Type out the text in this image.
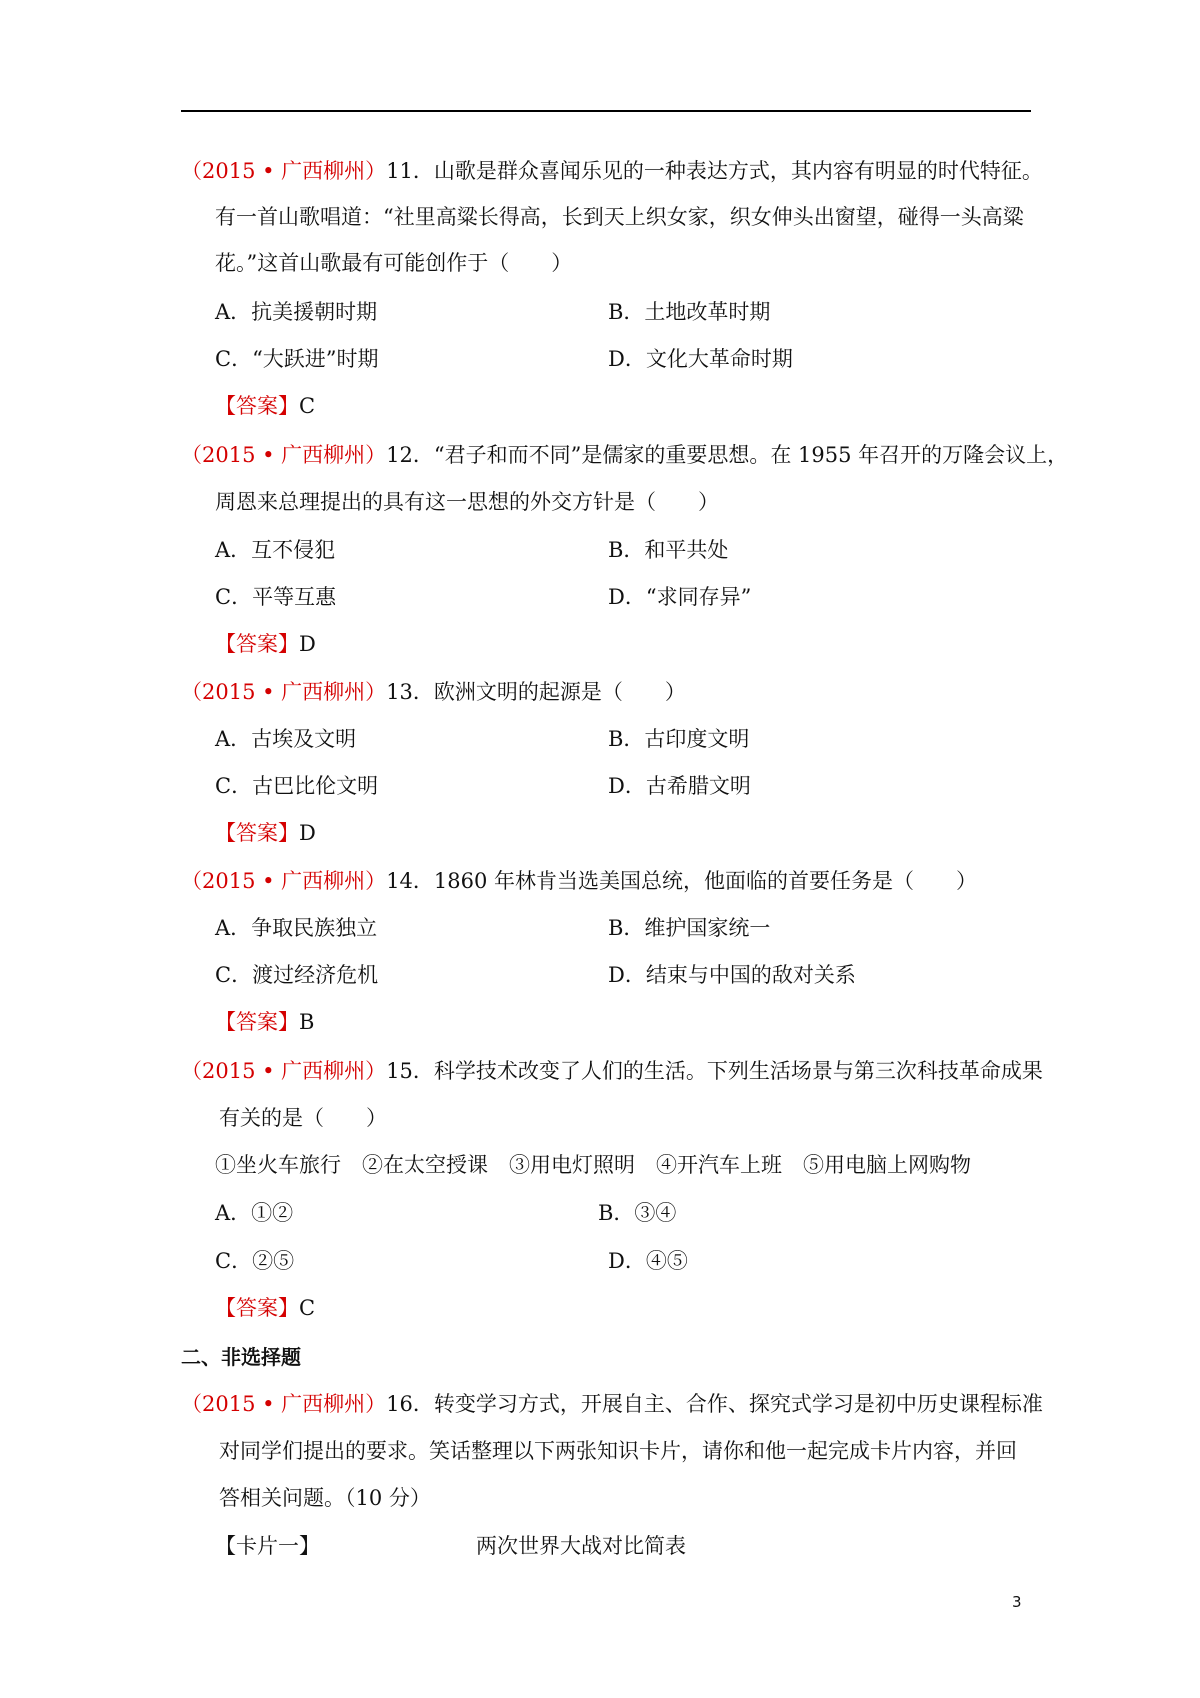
（2015 • 广西柳州）11．山歌是群众喜闻乐见的一种表达方式，其内容有明显的时代特征。
有一首山歌唱道：“社里高粱长得高，长到天上织女家，织女伸头出窗望，碰得一头高粱
花。”这首山歌最有可能创作于（　　）
A．抗美援朝时期	B．土地改革时期
C．“大跃进”时期	D．文化大革命时期
【答案】C
（2015 • 广西柳州）12．“君子和而不同”是儒家的重要思想。在 1955 年召开的万隆会议上，
周恩来总理提出的具有这一思想的外交方针是（　　）
A．互不侵犯	B．和平共处
C．平等互惠	D．“求同存异”
【答案】D
（2015 • 广西柳州）13．欧洲文明的起源是（　　）
A．古埃及文明	B．古印度文明
C．古巴比伦文明	D．古希腊文明
【答案】D
（2015 • 广西柳州）14．1860 年林肯当选美国总统，他面临的首要任务是（　　）
A．争取民族独立	B．维护国家统一
C．渡过经济危机	D．结束与中国的敌对关系
【答案】B
（2015 • 广西柳州）15．科学技术改变了人们的生活。下列生活场景与第三次科技革命成果
有关的是（　　）
①坐火车旅行　②在太空授课　③用电灯照明　④开汽车上班　⑤用电脑上网购物
A．①②	B．③④
C．②⑤	D．④⑤
【答案】C
二、非选择题
（2015 • 广西柳州）16．转变学习方式，开展自主、合作、探究式学习是初中历史课程标准
对同学们提出的要求。笑话整理以下两张知识卡片，请你和他一起完成卡片内容，并回
答相关问题。（10 分）
【卡片一】	两次世界大战对比简表
3
